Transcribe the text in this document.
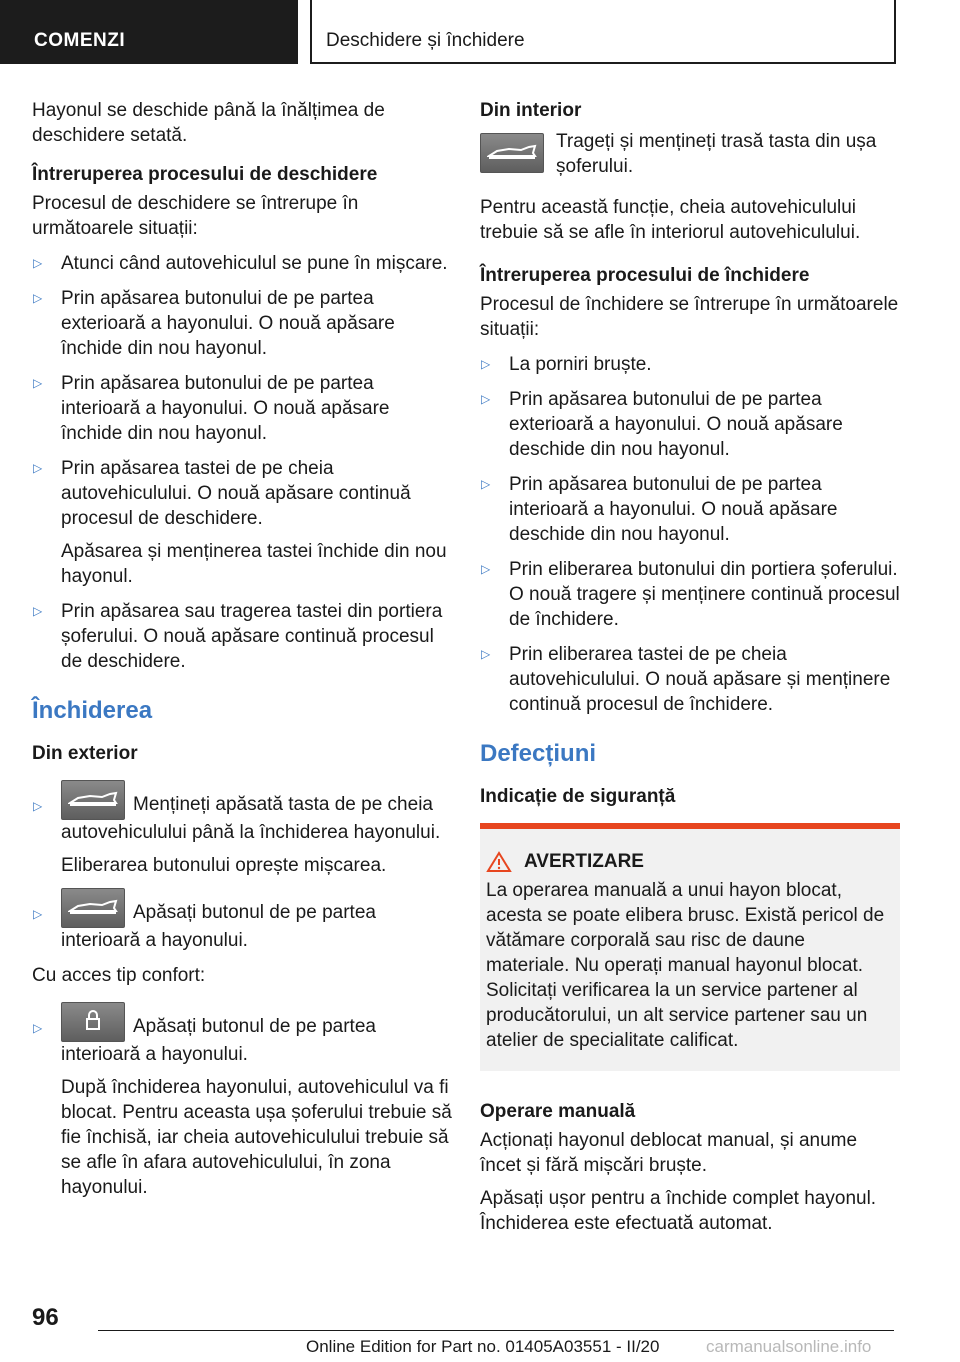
COMENZI	Deschidere și închidere

Hayonul se deschide până la înălțimea de deschidere setată.

Întreruperea procesului de deschidere

Procesul de deschidere se întrerupe în următoarele situații:

▷ Atunci când autovehiculul se pune în mișcare.
▷ Prin apăsarea butonului de pe partea exterioară a hayonului. O nouă apăsare închide din nou hayonul.
▷ Prin apăsarea butonului de pe partea interioară a hayonului. O nouă apăsare închide din nou hayonul.
▷ Prin apăsarea tastei de pe cheia autovehiculului. O nouă apăsare continuă procesul de deschidere.
Apăsarea și menținerea tastei închide din nou hayonul.
▷ Prin apăsarea sau tragerea tastei din portiera șoferului. O nouă apăsare continuă procesul de deschidere.
Închiderea
Din exterior
▷	Mențineți apăsată tasta de pe cheia autovehiculului până la închiderea hayonului.
Eliberarea butonului oprește mișcarea.
▷	Apăsați butonul de pe partea interioară a hayonului.

Cu acces tip confort:

▷	Apăsați butonul de pe partea interioară a hayonului.
După închiderea hayonului, autovehiculul va fi blocat. Pentru aceasta ușa șoferului trebuie să fie închisă, iar cheia autovehiculului trebuie să se afle în afara autovehiculului, în zona hayonului.
Din interior
Trageți și mențineți trasă tasta din ușa șoferului.

Pentru această funcție, cheia autovehiculului trebuie să se afle în interiorul autovehiculului.

Întreruperea procesului de închidere

Procesul de închidere se întrerupe în următoarele situații:

▷ La porniri bruște.
▷ Prin apăsarea butonului de pe partea exterioară a hayonului. O nouă apăsare deschide din nou hayonul.
▷ Prin apăsarea butonului de pe partea interioară a hayonului. O nouă apăsare deschide din nou hayonul.
▷ Prin eliberarea butonului din portiera șoferului. O nouă tragere și menținere continuă procesul de închidere.
▷ Prin eliberarea tastei de pe cheia autovehiculului. O nouă apăsare și menținere continuă procesul de închidere.
Defecțiuni
Indicație de siguranță
AVERTIZARE
La operarea manuală a unui hayon blocat, acesta se poate elibera brusc. Există pericol de vătămare corporală sau risc de daune materiale. Nu operați manual hayonul blocat. Solicitați verificarea la un service partener al producătorului, un alt service partener sau un atelier de specialitate calificat.
Operare manuală

Acționați hayonul deblocat manual, și anume încet și fără mișcări bruște.

Apăsați ușor pentru a închide complet hayonul. Închiderea este efectuată automat.

96
Online Edition for Part no. 01405A03551 - II/20	carmanualsonline.info
